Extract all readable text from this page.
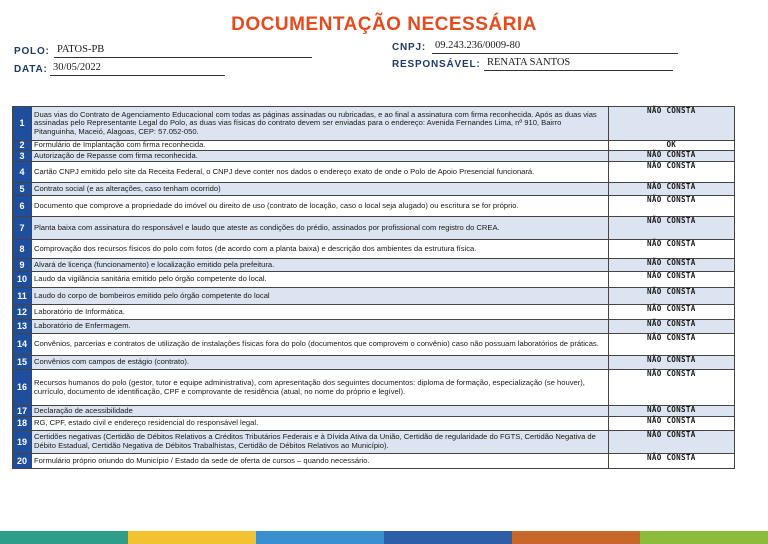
DOCUMENTAÇÃO NECESSÁRIA
POLO: PATOS-PB
DATA: 30/05/2022
CNPJ: 09.243.236/0009-80
RESPONSÁVEL: RENATA SANTOS
1	Duas vias do Contrato de Agenciamento Educacional com todas as páginas assinadas ou rubricadas, e ao final a assinatura com firma reconhecida. Após as duas vias assinadas pelo Representante Legal do Polo, as duas vias físicas do contrato devem ser enviadas para o endereço: Avenida Fernandes Lima, nº 910, Bairro Pitanguinha, Maceió, Alagoas, CEP: 57.052-050.	NÃO CONSTA
2	Formulário de Implantação com firma reconhecida.	OK
3	Autorização de Repasse com firma reconhecida.	NÃO CONSTA
4	Cartão CNPJ emitido pelo site da Receita Federal, o CNPJ deve conter nos dados o endereço exato de onde o Polo de Apoio Presencial funcionará.	NÃO CONSTA
5	Contrato social (e as alterações, caso tenham ocorrido)	NÃO CONSTA
6	Documento que comprove a propriedade do imóvel ou direito de uso (contrato de locação, caso o local seja alugado) ou escritura se for próprio.	NÃO CONSTA
7	Planta baixa com assinatura do responsável e laudo que ateste as condições do prédio, assinados por profissional com registro do CREA.	NÃO CONSTA
8	Comprovação dos recursos físicos do polo com fotos (de acordo com a planta baixa) e descrição dos ambientes da estrutura física.	NÃO CONSTA
9	Alvará de licença (funcionamento) e localização emitido pela prefeitura.	NÃO CONSTA
10	Laudo da vigilância sanitária emitido pelo órgão competente do local.	NÃO CONSTA
11	Laudo do corpo de bombeiros emitido pelo órgão competente do local	NÃO CONSTA
12	Laboratório de Informática.	NÃO CONSTA
13	Laboratório de Enfermagem.	NÃO CONSTA
14	Convênios, parcerias e contratos de utilização de instalações físicas fora do polo (documentos que comprovem o convênio) caso não possuam laboratórios de práticas.	NÃO CONSTA
15	Convênios com campos de estágio (contrato).	NÃO CONSTA
16	Recursos humanos do polo (gestor, tutor e equipe administrativa), com apresentação dos seguintes documentos: diploma de formação, especialização (se houver), currículo, documento de identificação, CPF e comprovante de residência (atual, no nome do próprio e legível).	NÃO CONSTA
17	Declaração de acessibilidade	NÃO CONSTA
18	RG, CPF, estado civil e endereço residencial do responsável legal.	NÃO CONSTA
19	Certidões negativas (Certidão de Débitos Relativos a Créditos Tributários Federais e à Dívida Ativa da União, Certidão de regularidade do FGTS, Certidão Negativa de Débito Estadual, Certidão Negativa de Débitos Trabalhistas, Certidão de Débitos Relativos ao Município).	NÃO CONSTA
20	Formulário próprio oriundo do Município / Estado da sede de oferta de cursos – quando necessário.	NÃO CONSTA
